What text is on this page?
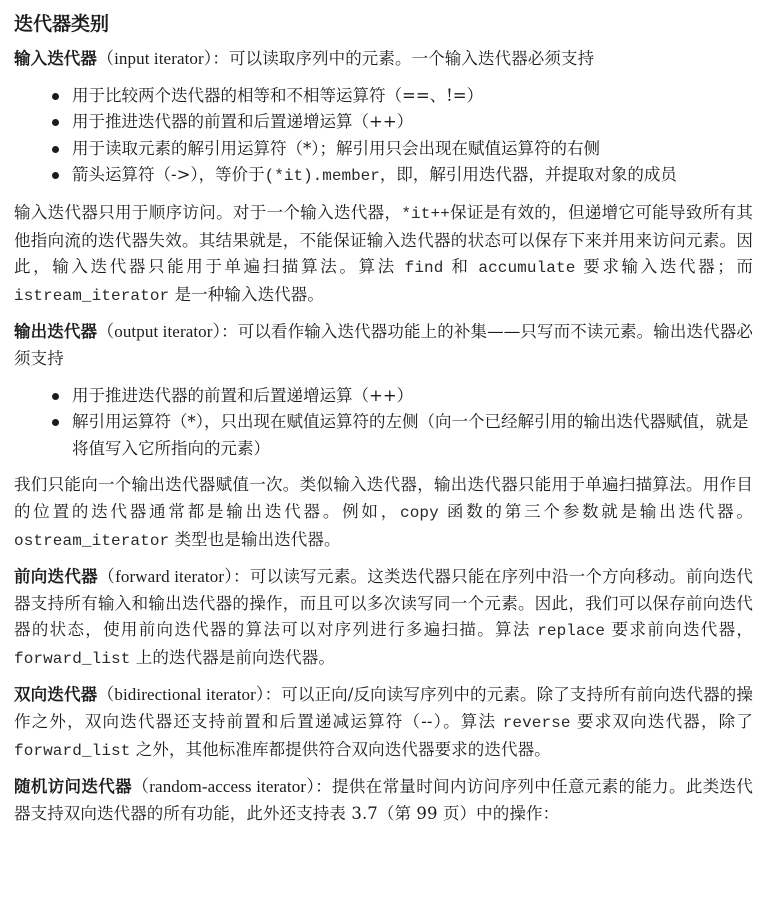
迭代器类别

输入迭代器（input iterator）：可以读取序列中的元素。一个输入迭代器必须支持

用于比较两个迭代器的相等和不相等运算符（==、!=）
用于推进迭代器的前置和后置递增运算（++）
用于读取元素的解引用运算符（*）；解引用只会出现在赋值运算符的右侧
箭头运算符（->），等价于(*it).member，即，解引用迭代器，并提取对象的成员

输入迭代器只用于顺序访问。对于一个输入迭代器，*it++保证是有效的，但递增它可能导致所有其他指向流的迭代器失效。其结果就是，不能保证输入迭代器的状态可以保存下来并用来访问元素。因此，输入迭代器只能用于单遍扫描算法。算法 find 和 accumulate 要求输入迭代器；而 istream_iterator 是一种输入迭代器。

输出迭代器（output iterator）：可以看作输入迭代器功能上的补集——只写而不读元素。输出迭代器必须支持

用于推进迭代器的前置和后置递增运算（++）
解引用运算符（*），只出现在赋值运算符的左侧（向一个已经解引用的输出迭代器赋值，就是将值写入它所指向的元素）

我们只能向一个输出迭代器赋值一次。类似输入迭代器，输出迭代器只能用于单遍扫描算法。用作目的位置的迭代器通常都是输出迭代器。例如，copy 函数的第三个参数就是输出迭代器。ostream_iterator 类型也是输出迭代器。

前向迭代器（forward iterator）：可以读写元素。这类迭代器只能在序列中沿一个方向移动。前向迭代器支持所有输入和输出迭代器的操作，而且可以多次读写同一个元素。因此，我们可以保存前向迭代器的状态，使用前向迭代器的算法可以对序列进行多遍扫描。算法 replace 要求前向迭代器，forward_list 上的迭代器是前向迭代器。

双向迭代器（bidirectional iterator）：可以正向/反向读写序列中的元素。除了支持所有前向迭代器的操作之外，双向迭代器还支持前置和后置递减运算符（--）。算法 reverse 要求双向迭代器，除了 forward_list 之外，其他标准库都提供符合双向迭代器要求的迭代器。

随机访问迭代器（random-access iterator）：提供在常量时间内访问序列中任意元素的能力。此类迭代器支持双向迭代器的所有功能，此外还支持表 3.7（第 99 页）中的操作：
